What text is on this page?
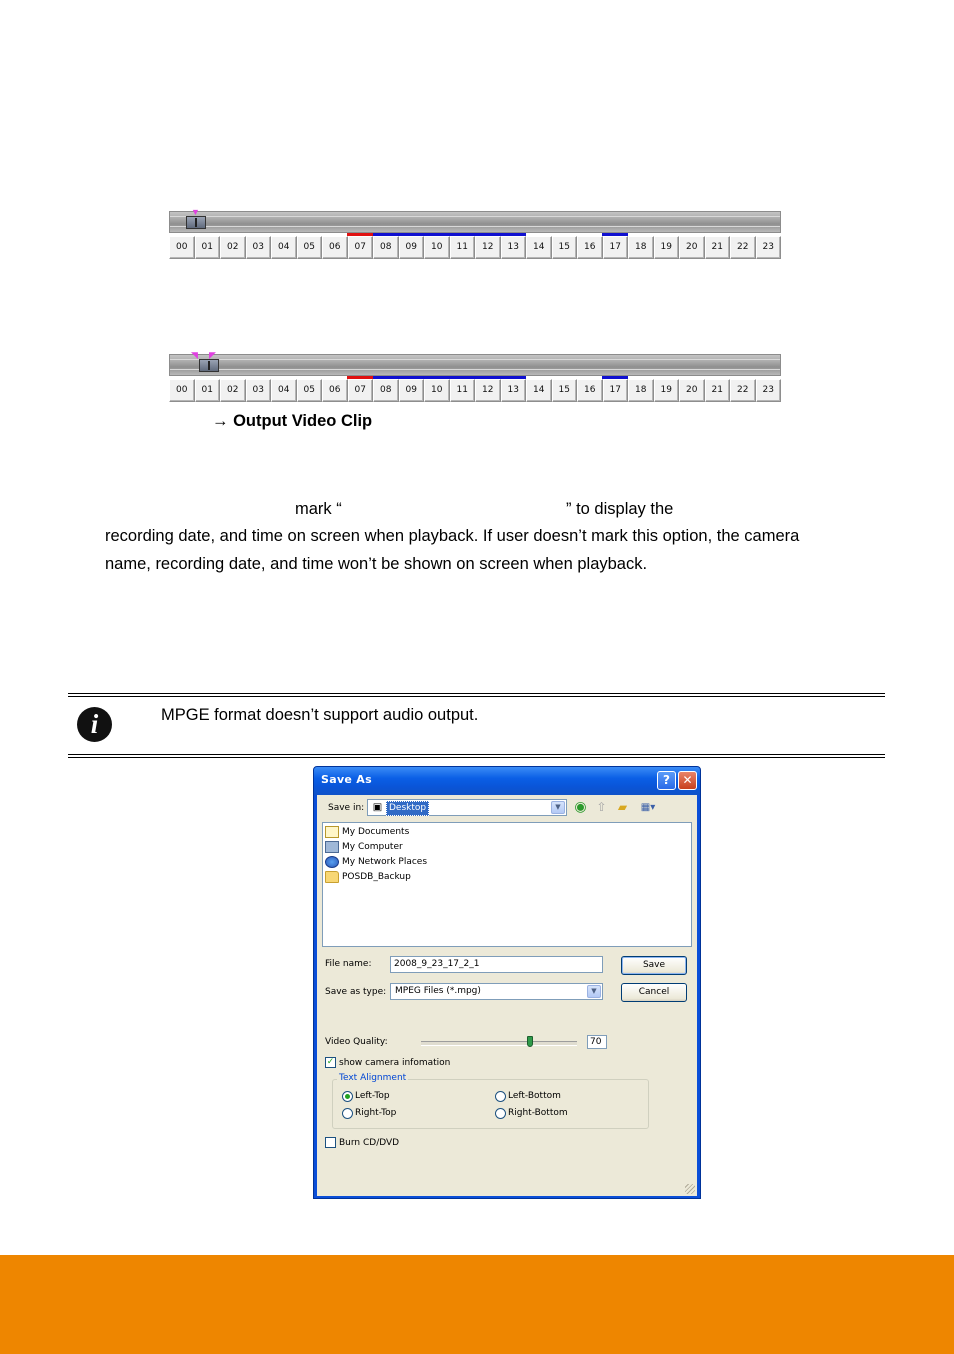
▼
00	01	02	03	04	05	06	07	08	09	10	11	12	13	14	15	16	17	18	19	20	21	22	23
◥ ◤
00	01	02	03	04	05	06	07	08	09	10	11	12	13	14	15	16	17	18	19	20	21	22	23
→ Output Video Clip
mark “	” to display the
recording date, and time on screen when playback. If user doesn’t mark this option, the camera
name, recording date, and time won’t be shown on screen when playback.
i	MPGE format doesn’t support audio output.
Save As	?	✕
Save in: ▣ Desktop	▼ ◉ ⇧ ▰	▦▾
My Documents
My Computer
My Network Places
POSDB_Backup
File name:	2008_9_23_17_2_1	Save
Save as type: MPEG Files (*.mpg)	▼	Cancel
Video Quality:	70
✓ show camera infomation
Text Alignment
Left-Top	Left-Bottom
Right-Top	Right-Bottom
Burn CD/DVD
